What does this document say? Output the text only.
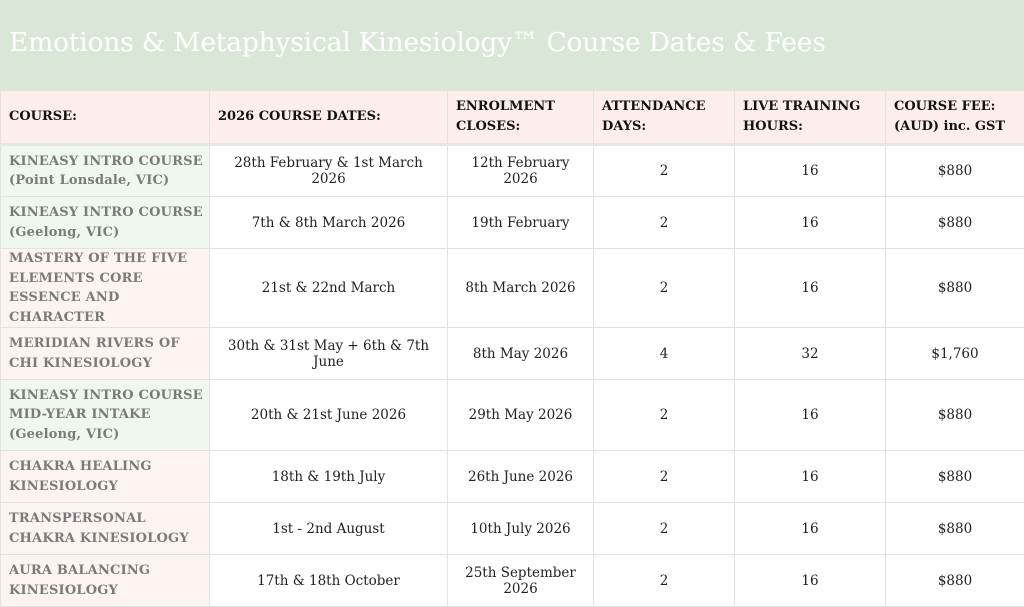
Emotions & Metaphysical Kinesiology™ Course Dates & Fees
COURSE:	2026 COURSE DATES:	ENROLMENT CLOSES:	ATTENDANCE DAYS:	LIVE TRAINING HOURS:	COURSE FEE: (AUD) inc. GST
KINEASY INTRO COURSE (Point Lonsdale, VIC)	28th February & 1st March 2026	12th February 2026	2	16	$880
KINEASY INTRO COURSE (Geelong, VIC)	7th & 8th March 2026	19th February	2	16	$880
MASTERY OF THE FIVE ELEMENTS CORE ESSENCE AND CHARACTER	21st & 22nd March	8th March 2026	2	16	$880
MERIDIAN RIVERS OF CHI KINESIOLOGY	30th & 31st May + 6th & 7th June	8th May 2026	4	32	$1,760
KINEASY INTRO COURSE MID-YEAR INTAKE (Geelong, VIC)	20th & 21st June 2026	29th May 2026	2	16	$880
CHAKRA HEALING KINESIOLOGY	18th & 19th July	26th June 2026	2	16	$880
TRANSPERSONAL CHAKRA KINESIOLOGY	1st - 2nd August	10th July 2026	2	16	$880
AURA BALANCING KINESIOLOGY	17th & 18th October	25th September 2026	2	16	$880
